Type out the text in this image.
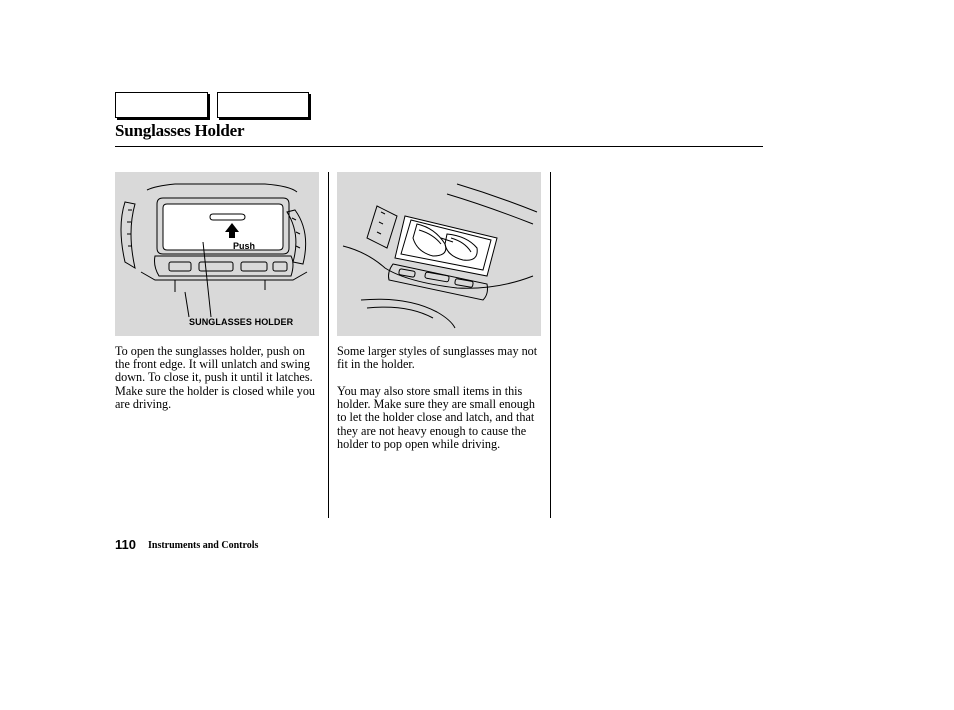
Sunglasses Holder
Push
SUNGLASSES HOLDER
To open the sunglasses holder, push on the front edge. It will unlatch and swing down. To close it, push it until it latches. Make sure the holder is closed while you are driving.
Some larger styles of sunglasses may not fit in the holder.
You may also store small items in this holder. Make sure they are small enough to let the holder close and latch, and that they are not heavy enough to cause the holder to pop open while driving.
110 Instruments and Controls
